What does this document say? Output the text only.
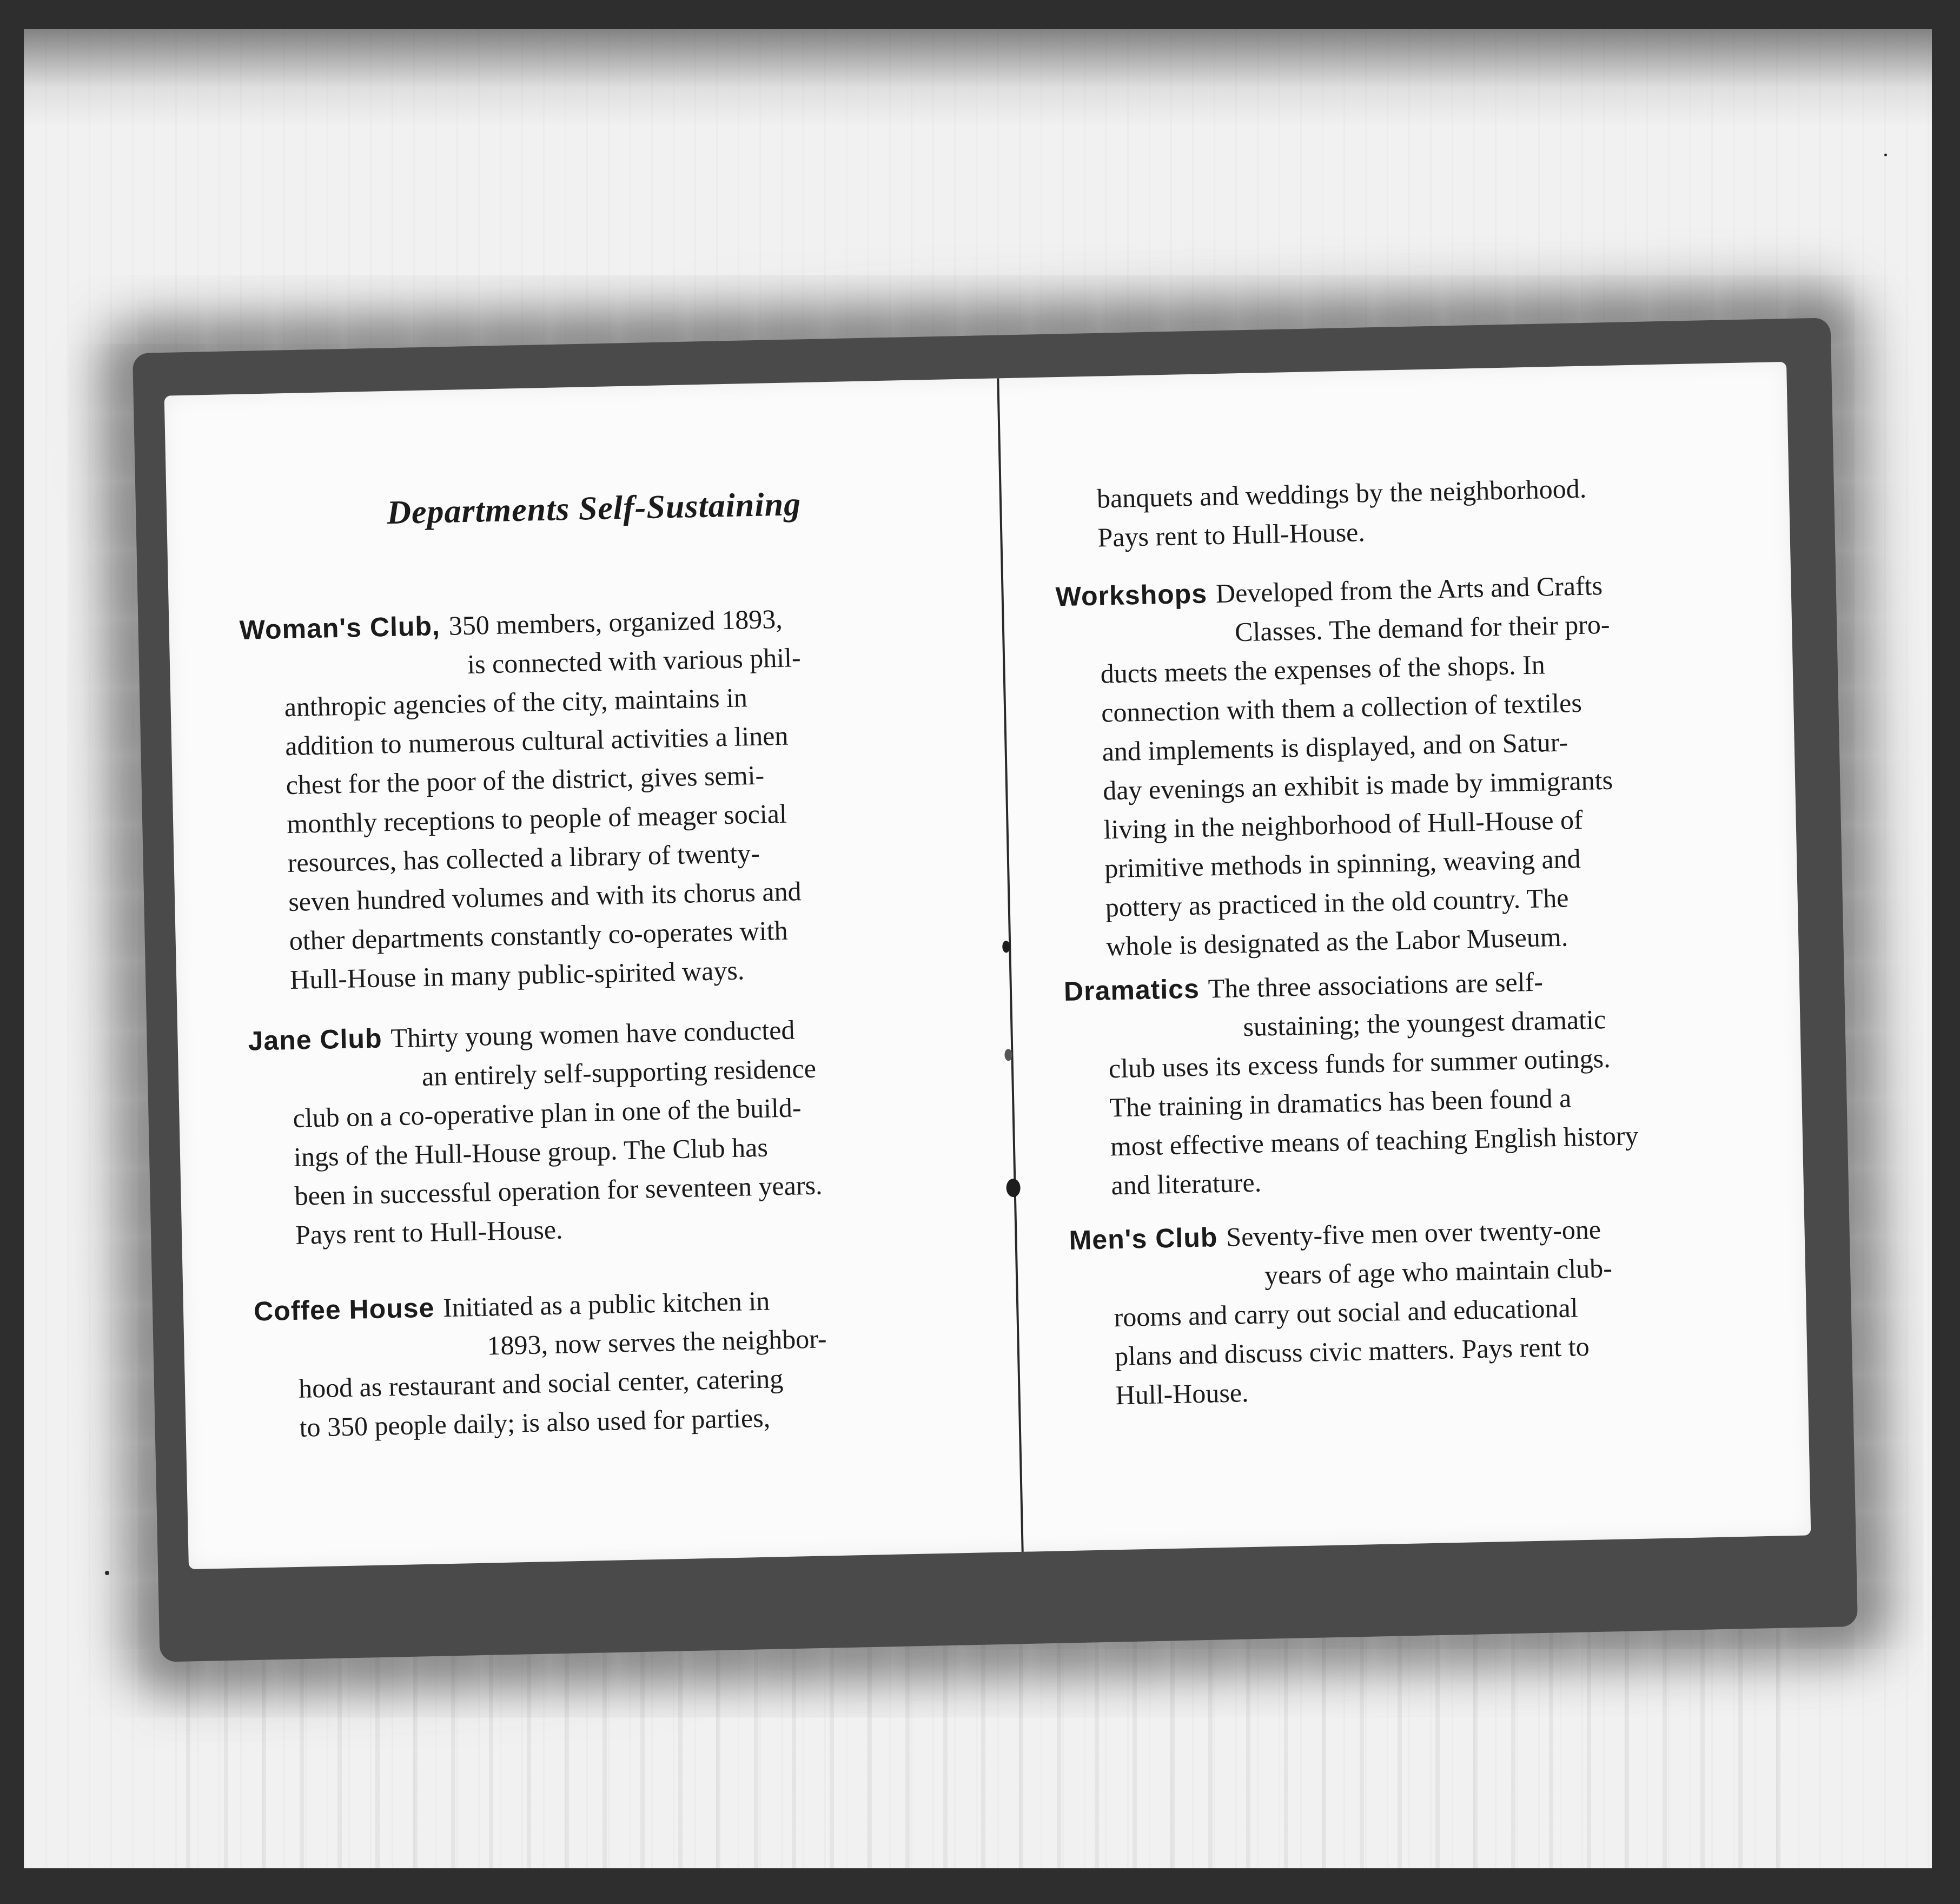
Departments Self-Sustaining
Woman's Club, 350 members, organized 1893,
is connected with various phil-
anthropic agencies of the city, maintains in
addition to numerous cultural activities a linen
chest for the poor of the district, gives semi-
monthly receptions to people of meager social
resources, has collected a library of twenty-
seven hundred volumes and with its chorus and
other departments constantly co-operates with
Hull-House in many public-spirited ways.
Jane Club Thirty young women have conducted
an entirely self-supporting residence
club on a co-operative plan in one of the build-
ings of the Hull-House group. The Club has
been in successful operation for seventeen years.
Pays rent to Hull-House.
Coffee House Initiated as a public kitchen in
1893, now serves the neighbor-
hood as restaurant and social center, catering
to 350 people daily; is also used for parties,
banquets and weddings by the neighborhood.
Pays rent to Hull-House.
Workshops Developed from the Arts and Crafts
Classes. The demand for their pro-
ducts meets the expenses of the shops. In
connection with them a collection of textiles
and implements is displayed, and on Satur-
day evenings an exhibit is made by immigrants
living in the neighborhood of Hull-House of
primitive methods in spinning, weaving and
pottery as practiced in the old country. The
whole is designated as the Labor Museum.
Dramatics The three associations are self-
sustaining; the youngest dramatic
club uses its excess funds for summer outings.
The training in dramatics has been found a
most effective means of teaching English history
and literature.
Men's Club Seventy-five men over twenty-one
years of age who maintain club-
rooms and carry out social and educational
plans and discuss civic matters. Pays rent to
Hull-House.
